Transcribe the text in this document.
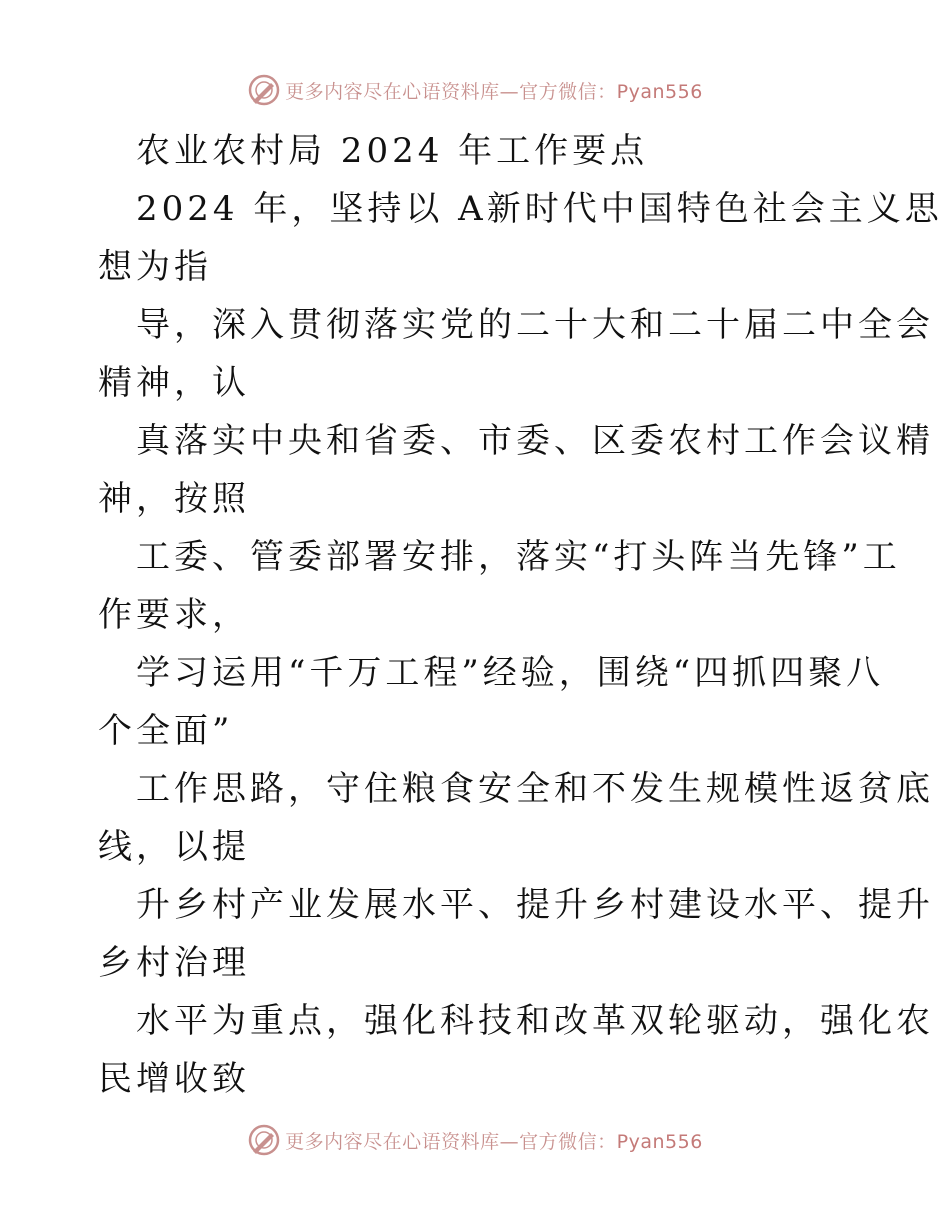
更多内容尽在心语资料库—官方微信：Pyan556
农业农村局 2024 年工作要点
2024 年，坚持以 A新时代中国特色社会主义思
想为指
导，深入贯彻落实党的二十大和二十届二中全会
精神，认
真落实中央和省委、市委、区委农村工作会议精
神，按照
工委、管委部署安排，落实“打头阵当先锋”工
作要求，
学习运用“千万工程”经验，围绕“四抓四聚八
个全面”
工作思路，守住粮食安全和不发生规模性返贫底
线，以提
升乡村产业发展水平、提升乡村建设水平、提升
乡村治理
水平为重点，强化科技和改革双轮驱动，强化农
民增收致
更多内容尽在心语资料库—官方微信：Pyan556
